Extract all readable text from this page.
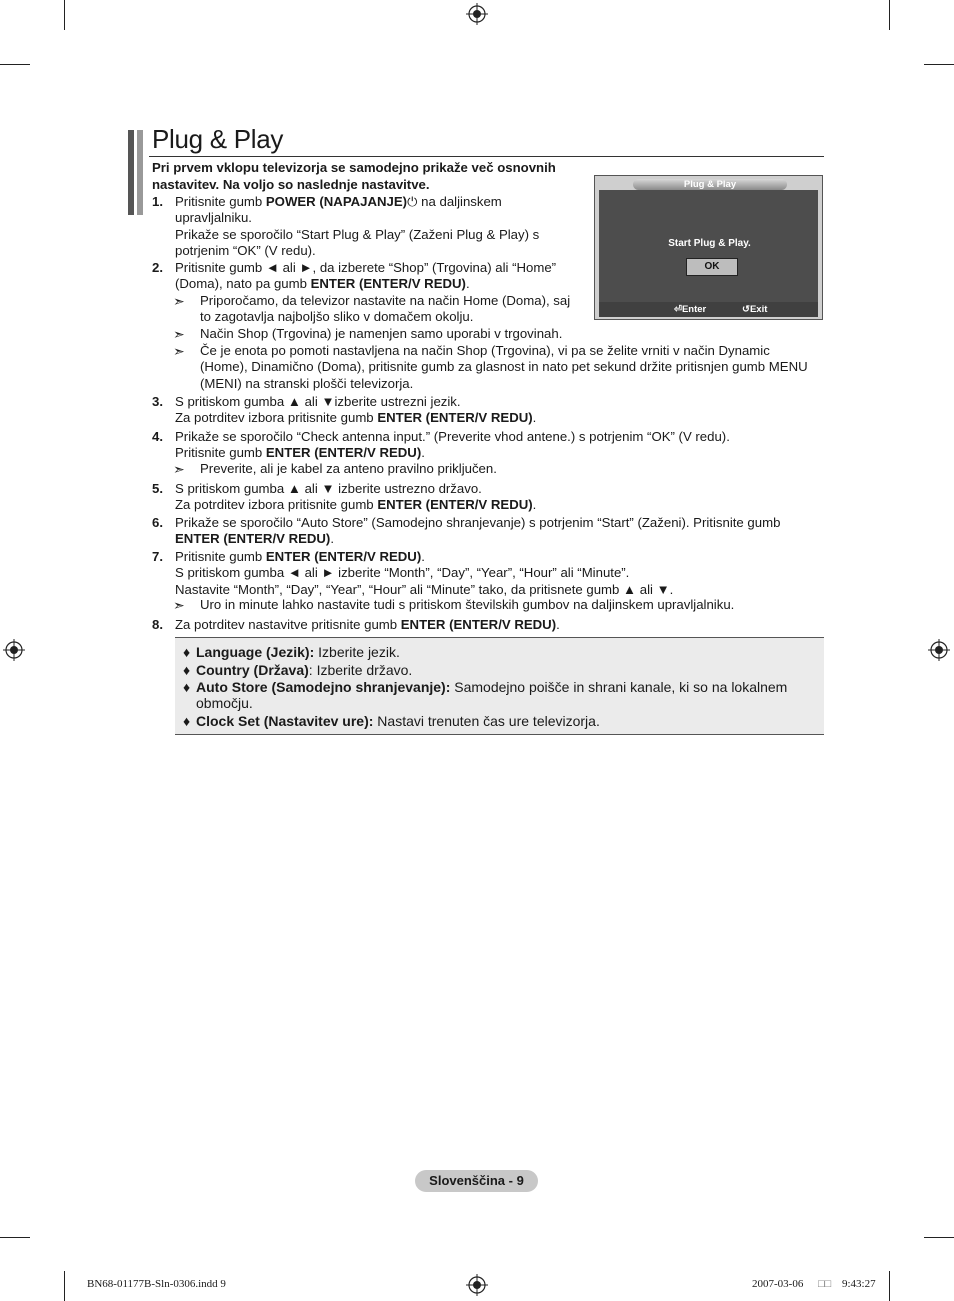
Plug & Play
Pri prvem vklopu televizorja se samodejno prikaže več osnovnih nastavitev. Na voljo so naslednje nastavitve.
1. Pritisnite gumb POWER (NAPAJANJE)⏻ na daljinskem
upravljalniku.
Prikaže se sporočilo “Start Plug & Play” (Zaženi Plug & Play) s
potrjenim “OK” (V redu).
2. Pritisnite gumb ◄ ali ►, da izberete “Shop” (Trgovina) ali “Home”
(Doma), nato pa gumb ENTER (ENTER/V REDU).
3. S pritiskom gumba ▲ ali ▼izberite ustrezni jezik.
Za potrditev izbora pritisnite gumb ENTER (ENTER/V REDU).
4. Prikaže se sporočilo “Check antenna input.” (Preverite vhod antene.) s potrjenim “OK” (V redu).
Pritisnite gumb ENTER (ENTER/V REDU).
5. S pritiskom gumba ▲ ali ▼ izberite ustrezno državo.
Za potrditev izbora pritisnite gumb ENTER (ENTER/V REDU).
6. Prikaže se sporočilo “Auto Store” (Samodejno shranjevanje) s potrjenim “Start” (Zaženi). Pritisnite gumb
ENTER (ENTER/V REDU).
7. Pritisnite gumb ENTER (ENTER/V REDU).
S pritiskom gumba ◄ ali ► izberite “Month”, “Day”, “Year”, “Hour” ali “Minute”.
Nastavite “Month”, “Day”, “Year”, “Hour” ali “Minute” tako, da pritisnete gumb ▲ ali ▼.
8. Za potrditev nastavitve pritisnite gumb ENTER (ENTER/V REDU).
➣	Priporočamo, da televizor nastavite na način Home (Doma), saj
to zagotavlja najboljšo sliko v domačem okolju.
➣	Način Shop (Trgovina) je namenjen samo uporabi v trgovinah.
➣	Če je enota po pomoti nastavljena na način Shop (Trgovina), vi pa se želite vrniti v način Dynamic
(Home), Dinamično (Doma), pritisnite gumb za glasnost in nato pet sekund držite pritisnjen gumb MENU
(MENI) na stranski plošči televizorja.
➣	Preverite, ali je kabel za anteno pravilno priključen.
➣	Uro in minute lahko nastavite tudi s pritiskom številskih gumbov na daljinskem upravljalniku.
Plug & Play
Start Plug & Play.
OK
⏎Enter	↺Exit
♦ Language (Jezik): Izberite jezik.
♦ Country (Država): Izberite državo.
♦ Auto Store (Samodejno shranjevanje): Samodejno poišče in shrani kanale, ki so na lokalnem
območju.
♦ Clock Set (Nastavitev ure): Nastavi trenuten čas ure televizorja.
Slovenščina - 9
BN68-01177B-Sln-0306.indd 9	2007-03-06 □□ 9:43:27
